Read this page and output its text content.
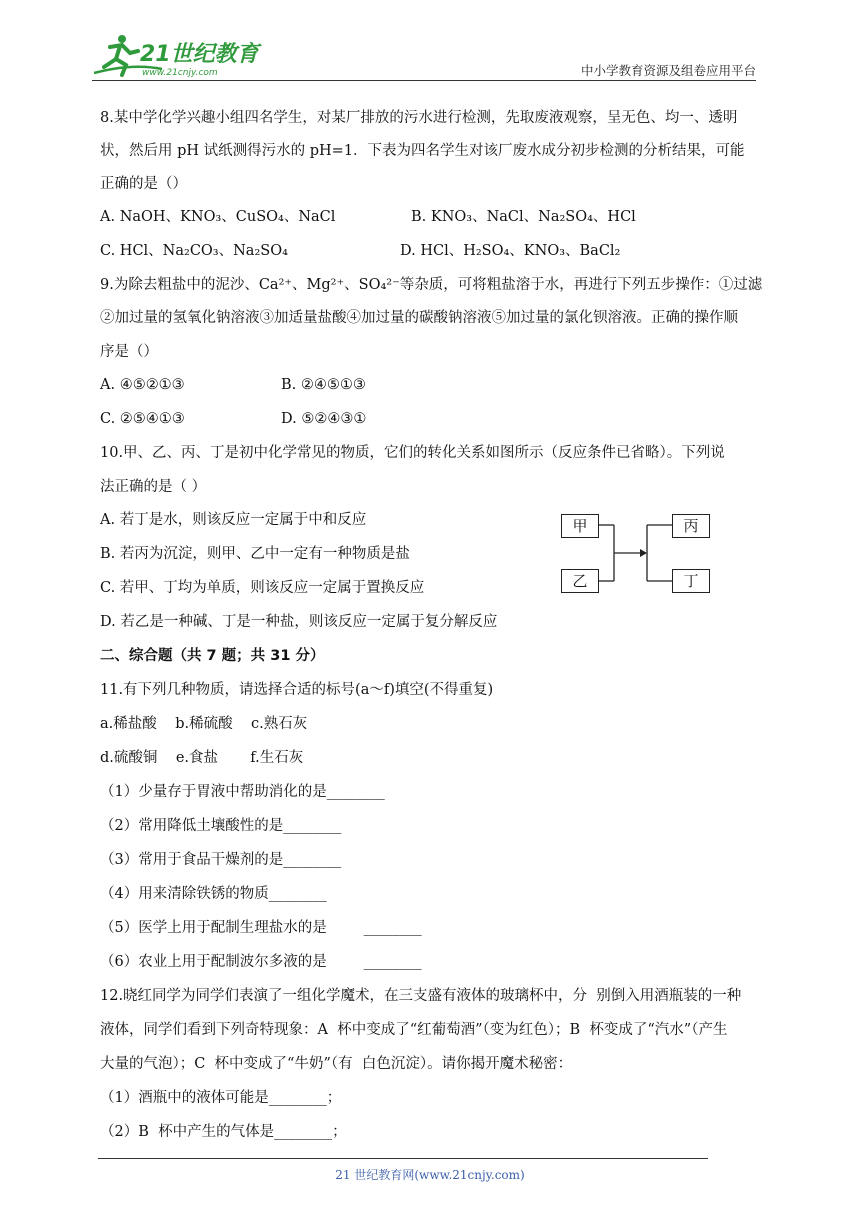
21世纪教育
www.21cnjy.com	中小学教育资源及组卷应用平台
8.某中学化学兴趣小组四名学生，对某厂排放的污水进行检测，先取废液观察，呈无色、均一、透明
状，然后用 pH 试纸测得污水的 pH=1．下表为四名学生对该厂废水成分初步检测的分析结果，可能
正确的是（）
A. NaOH、KNO₃、CuSO₄、NaCl	B. KNO₃、NaCl、Na₂SO₄、HCl
C. HCl、Na₂CO₃、Na₂SO₄	D. HCl、H₂SO₄、KNO₃、BaCl₂
9.为除去粗盐中的泥沙、Ca²⁺、Mg²⁺、SO₄²⁻等杂质，可将粗盐溶于水，再进行下列五步操作：①过滤
②加过量的氢氧化钠溶液③加适量盐酸④加过量的碳酸钠溶液⑤加过量的氯化钡溶液。正确的操作顺
序是（）
A. ④⑤②①③	B. ②④⑤①③
C. ②⑤④①③	D. ⑤②④③①
10.甲、乙、丙、丁是初中化学常见的物质，它们的转化关系如图所示（反应条件已省略）。下列说
法正确的是（ ）
A. 若丁是水，则该反应一定属于中和反应
B. 若丙为沉淀，则甲、乙中一定有一种物质是盐
C. 若甲、丁均为单质，则该反应一定属于置换反应
D. 若乙是一种碱、丁是一种盐，则该反应一定属于复分解反应
甲
乙
丙
丁
二、综合题（共 7 题；共 31 分）
11.有下列几种物质，请选择合适的标号(a～f)填空(不得重复)
a.稀盐酸    b.稀硫酸    c.熟石灰
d.硫酸铜    e.食盐       f.生石灰
（1）少量存于胃液中帮助消化的是________
（2）常用降低土壤酸性的是________
（3）常用于食品干燥剂的是________
（4）用来清除铁锈的物质________
（5）医学上用于配制生理盐水的是        ________
（6）农业上用于配制波尔多液的是        ________
12.晓红同学为同学们表演了一组化学魔术，在三支盛有液体的玻璃杯中，分  别倒入用酒瓶装的一种
液体，同学们看到下列奇特现象：A  杯中变成了“红葡萄酒”（变为红色）；B  杯变成了“汽水”（产生
大量的气泡）；C  杯中变成了“牛奶”（有  白色沉淀）。请你揭开魔术秘密：
（1）酒瓶中的液体可能是________；
（2）B  杯中产生的气体是________；
21 世纪教育网(www.21cnjy.com)
